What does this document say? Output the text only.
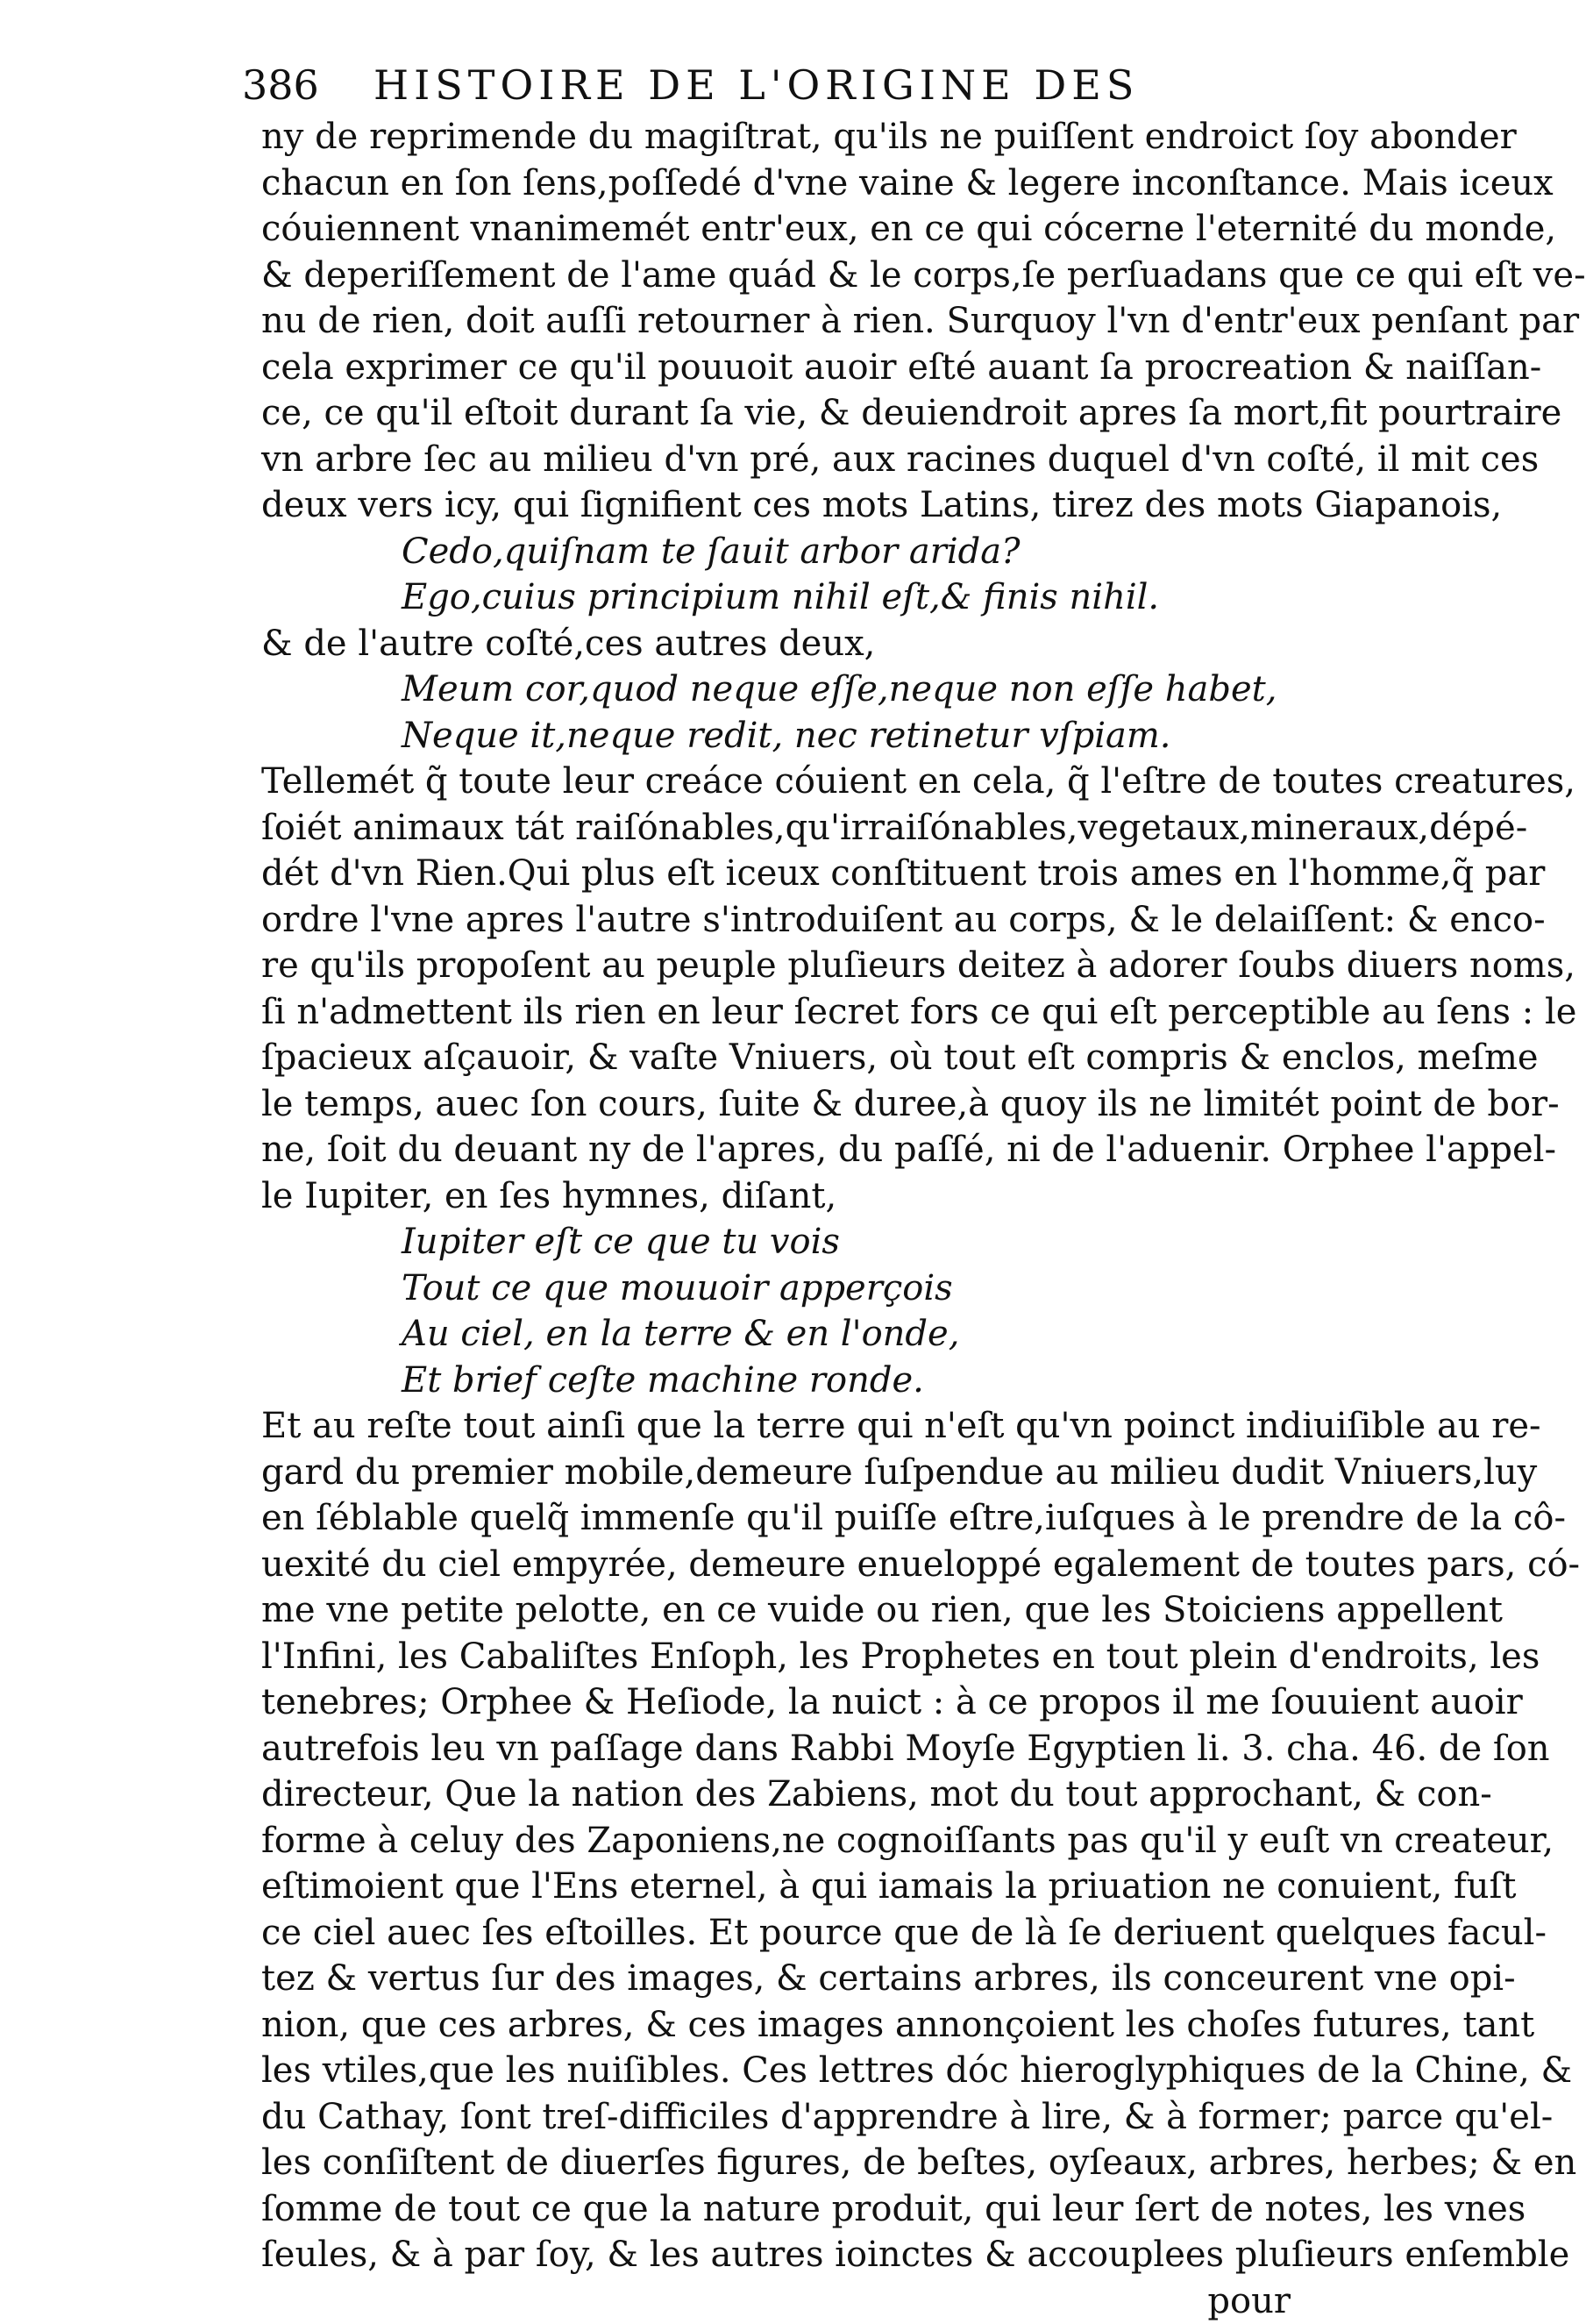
386	HISTOIRE DE L'ORIGINE DES

ny de reprimende du magiſtrat, qu'ils ne puiſſent endroict ſoy abonder
chacun en ſon ſens,poſſedé d'vne vaine & legere inconſtance. Mais iceux
cóuiennent vnanimemét entr'eux, en ce qui cócerne l'eternité du monde,
& deperiſſement de l'ame quád & le corps,ſe perſuadans que ce qui eſt ve-
nu de rien, doit auſſi retourner à rien. Surquoy l'vn d'entr'eux penſant par
cela exprimer ce qu'il pouuoit auoir eſté auant ſa procreation & naiſſan-
ce, ce qu'il eſtoit durant ſa vie, & deuiendroit apres ſa mort,fit pourtraire
vn arbre ſec au milieu d'vn pré, aux racines duquel d'vn coſté, il mit ces
deux vers icy, qui ſignifient ces mots Latins, tirez des mots Giapanois,

Cedo,quiſnam te ſauit arbor arida?
Ego,cuius principium nihil eſt,& finis nihil.

& de l'autre coſté,ces autres deux,

Meum cor,quod neque eſſe,neque non eſſe habet,
Neque it,neque redit, nec retinetur vſpiam.

Tellemét q̃ toute leur creáce cóuient en cela, q̃ l'eſtre de toutes creatures,
ſoiét animaux tát raiſónables,qu'irraiſónables,vegetaux,mineraux,dépé-
dét d'vn Rien.Qui plus eſt iceux conſtituent trois ames en l'homme,q̃ par
ordre l'vne apres l'autre s'introduiſent au corps, & le delaiſſent: & enco-
re qu'ils propoſent au peuple pluſieurs deitez à adorer ſoubs diuers noms,
ſi n'admettent ils rien en leur ſecret fors ce qui eſt perceptible au ſens : le
ſpacieux aſçauoir, & vaſte Vniuers, où tout eſt compris & enclos, meſme
le temps, auec ſon cours, ſuite & duree,à quoy ils ne limitét point de bor-
ne, ſoit du deuant ny de l'apres, du paſſé, ni de l'aduenir. Orphee l'appel-
le Iupiter, en ſes hymnes, diſant,

Iupiter eſt ce que tu vois
Tout ce que mouuoir apperçois
Au ciel, en la terre & en l'onde,
Et brief ceſte machine ronde.

Et au reſte tout ainſi que la terre qui n'eſt qu'vn poinct indiuiſible au re-
gard du premier mobile,demeure ſuſpendue au milieu dudit Vniuers,luy
en ſéblable quelq̃ immenſe qu'il puiſſe eſtre,iuſques à le prendre de la cô-
uexité du ciel empyrée, demeure enueloppé egalement de toutes pars, có-
me vne petite pelotte, en ce vuide ou rien, que les Stoiciens appellent
l'Infini, les Cabaliſtes Enſoph, les Prophetes en tout plein d'endroits, les
tenebres; Orphee & Heſiode, la nuict : à ce propos il me ſouuient auoir
autrefois leu vn paſſage dans Rabbi Moyſe Egyptien li. 3. cha. 46. de ſon
directeur, Que la nation des Zabiens, mot du tout approchant, & con-
forme à celuy des Zaponiens,ne cognoiſſants pas qu'il y euſt vn createur,
eſtimoient que l'Ens eternel, à qui iamais la priuation ne conuient, fuſt
ce ciel auec ſes eſtoilles. Et pource que de là ſe deriuent quelques facul-
tez & vertus ſur des images, & certains arbres, ils conceurent vne opi-
nion, que ces arbres, & ces images annonçoient les choſes futures, tant
les vtiles,que les nuiſibles. Ces lettres dóc hieroglyphiques de la Chine, &
du Cathay, ſont treſ-difficiles d'apprendre à lire, & à former; parce qu'el-
les conſiſtent de diuerſes figures, de beſtes, oyſeaux, arbres, herbes; & en
ſomme de tout ce que la nature produit, qui leur ſert de notes, les vnes
ſeules, & à par ſoy, & les autres ioinctes & accouplees pluſieurs enſemble

pour
